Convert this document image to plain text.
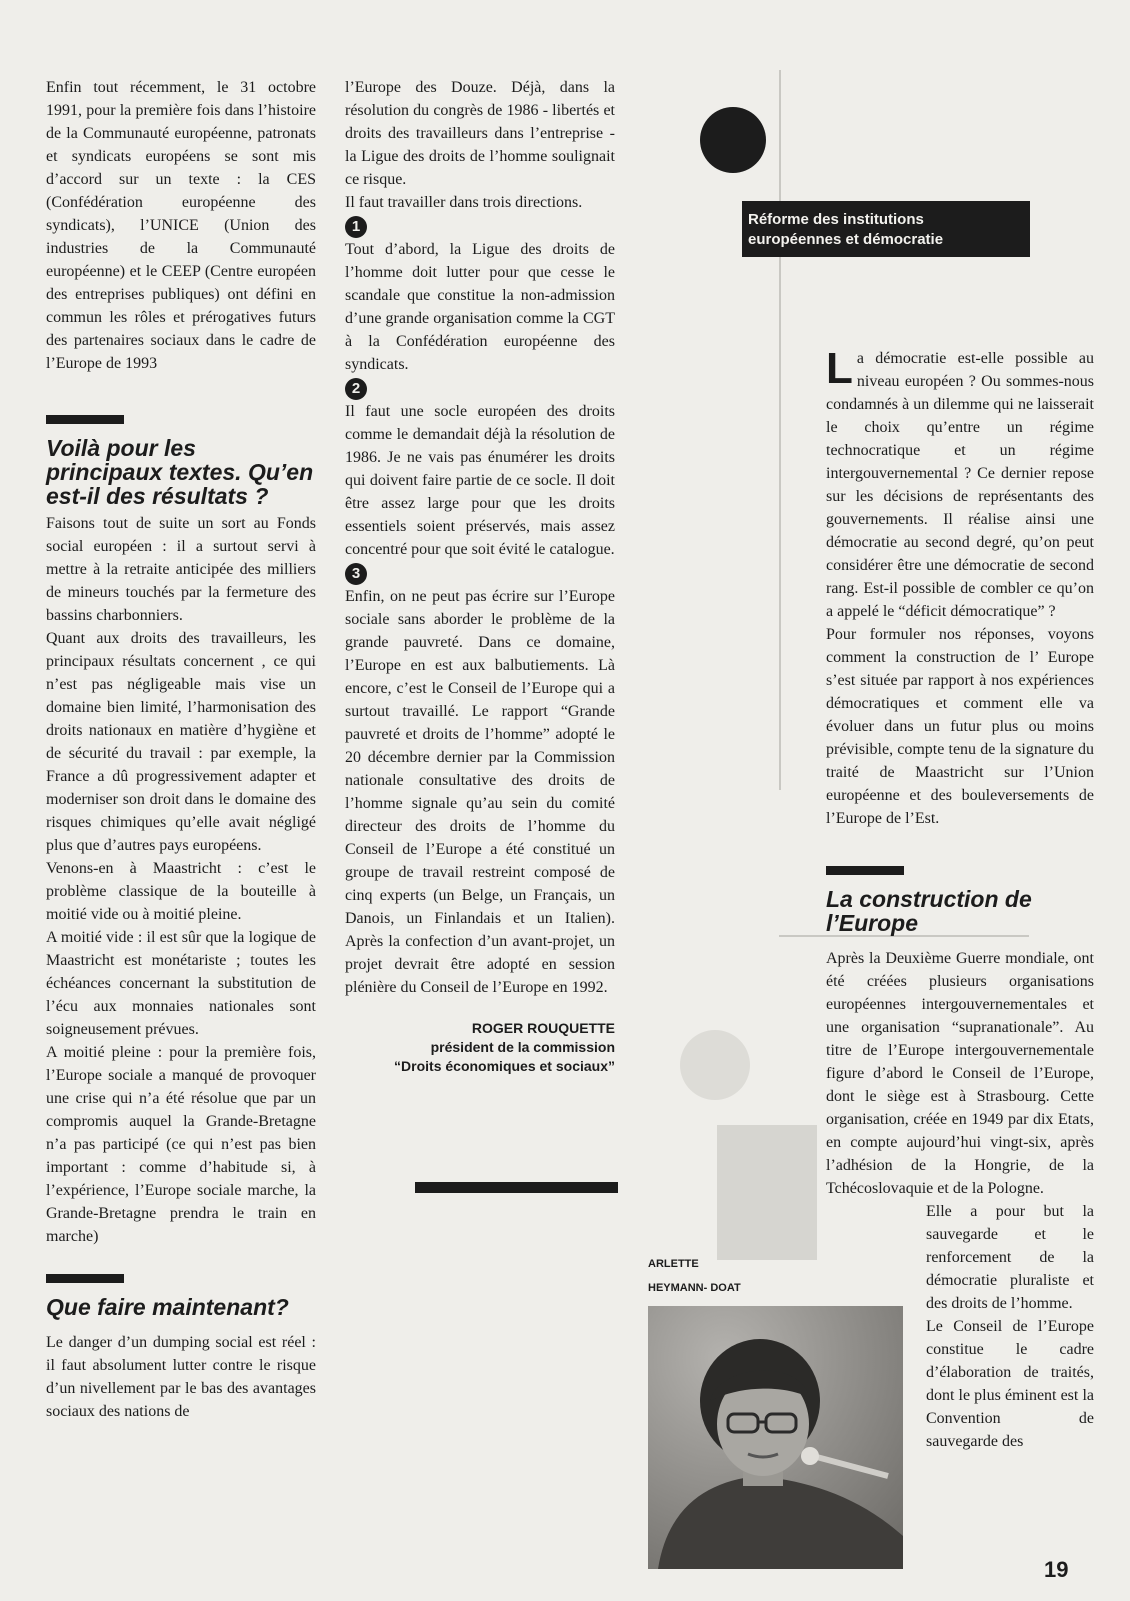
Enfin tout récemment, le 31 octobre 1991, pour la première fois dans l’histoire de la Communauté européenne, patronats et syndicats européens se sont mis d’accord sur un texte : la CES (Confédération européenne des syndicats), l’UNICE (Union des industries de la Communauté européenne) et le CEEP (Centre européen des entreprises publiques) ont défini en commun les rôles et prérogatives futurs des partenaires sociaux dans le cadre de l’Europe de 1993

Voilà pour les principaux textes. Qu’en est-il des résultats ?

Faisons tout de suite un sort au Fonds social européen : il a surtout servi à mettre à la retraite anticipée des milliers de mineurs touchés par la fermeture des bassins charbonniers.

Quant aux droits des travailleurs, les principaux résultats concernent , ce qui n’est pas négligeable mais vise un domaine bien limité, l’harmonisation des droits nationaux en matière d’hygiène et de sécurité du travail : par exemple, la France a dû progressivement adapter et moderniser son droit dans le domaine des risques chimiques qu’elle avait négligé plus que d’autres pays européens.

Venons-en à Maastricht : c’est le problème classique de la bouteille à moitié vide ou à moitié pleine.

A moitié vide : il est sûr que la logique de Maastricht est monétariste ; toutes les échéances concernant la substitution de l’écu aux monnaies nationales sont soigneusement prévues.

A moitié pleine : pour la première fois, l’Europe sociale a manqué de provoquer une crise qui n’a été résolue que par un compromis auquel la Grande-Bretagne n’a pas participé (ce qui n’est pas bien important : comme d’habitude si, à l’expérience, l’Europe sociale marche, la Grande-Bretagne prendra le train en marche)

Que faire maintenant?

Le danger d’un dumping social est réel : il faut absolument lutter contre le risque d’un nivellement par le bas des avantages sociaux des nations de

l’Europe des Douze. Déjà, dans la résolution du congrès de 1986 - libertés et droits des travailleurs dans l’entreprise - la Ligue des droits de l’homme soulignait ce risque.

Il faut travailler dans trois directions.

1

Tout d’abord, la Ligue des droits de l’homme doit lutter pour que cesse le scandale que constitue la non-admission d’une grande organisation comme la CGT à la Confédération européenne des syndicats.

2

Il faut une socle européen des droits comme le demandait déjà la résolution de 1986. Je ne vais pas énumérer les droits qui doivent faire partie de ce socle. Il doit être assez large pour que les droits essentiels soient préservés, mais assez concentré pour que soit évité le catalogue.

3

Enfin, on ne peut pas écrire sur l’Europe sociale sans aborder le problème de la grande pauvreté. Dans ce domaine, l’Europe en est aux balbutiements. Là encore, c’est le Conseil de l’Europe qui a surtout travaillé. Le rapport “Grande pauvreté et droits de l’homme” adopté le 20 décembre dernier par la Commission nationale consultative des droits de l’homme signale qu’au sein du comité directeur des droits de l’homme du Conseil de l’Europe a été constitué un groupe de travail restreint composé de cinq experts (un Belge, un Français, un Danois, un Finlandais et un Italien). Après la confection d’un avant-projet, un projet devrait être adopté en session plénière du Conseil de l’Europe en 1992.

ROGER ROUQUETTE
président de la commission
“Droits économiques et sociaux”
Réforme des institutions
européennes et démocratie

La démocratie est-elle possible au niveau européen ? Ou sommes-nous condamnés à un dilemme qui ne laisserait le choix qu’entre un régime technocratique et un régime intergouvernemental ? Ce dernier repose sur les décisions de représentants des gouvernements. Il réalise ainsi une démocratie au second degré, qu’on peut considérer être une démocratie de second rang. Est-il possible de combler ce qu’on a appelé le “déficit démocratique” ?

Pour formuler nos réponses, voyons comment la construction de l’ Europe s’est située par rapport à nos expériences démocratiques et comment elle va évoluer dans un futur plus ou moins prévisible, compte tenu de la signature du traité de Maastricht sur l’Union européenne et des bouleversements de l’Europe de l’Est.

La construction de l’Europe

Après la Deuxième Guerre mondiale, ont été créées plusieurs organisations européennes intergouvernementales et une organisation “supranationale”. Au titre de l’Europe intergouvernementale figure d’abord le Conseil de l’Europe, dont le siège est à Strasbourg. Cette organisation, créée en 1949 par dix Etats, en compte aujourd’hui vingt-six, après l’adhésion de la Hongrie, de la Tchécoslovaquie et de la Pologne.

Elle a pour but la sauvegarde et le renforcement de la démocratie pluraliste et des droits de l’homme.

Le Conseil de l’Europe constitue le cadre d’élaboration de traités, dont le plus éminent est la Convention de sauvegarde des

ARLETTE
HEYMANN- DOAT
19
